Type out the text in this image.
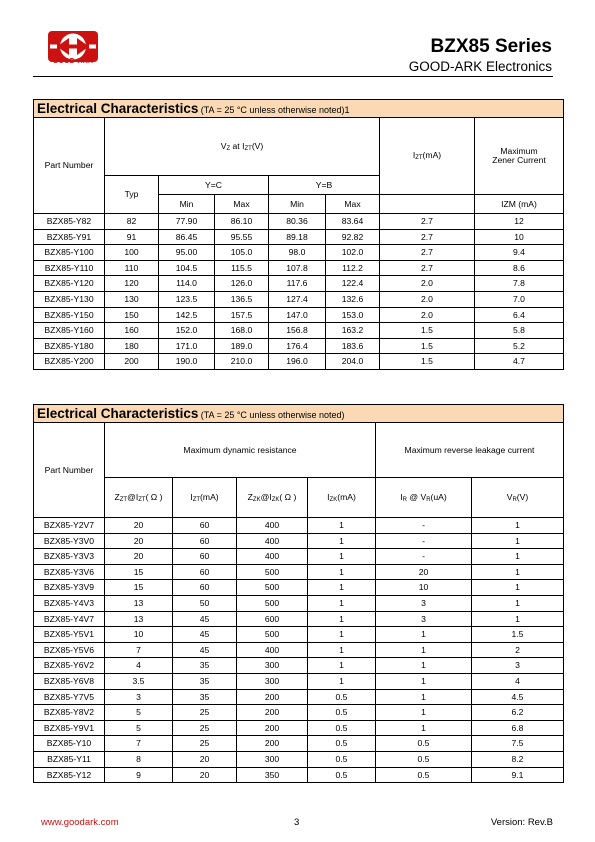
GOOD-ARK
BZX85 Series
GOOD-ARK Electronics
Electrical Characteristics (TA = 25 °C unless otherwise noted)1							
Part Number	VZ at IZT(V)					IZT(mA)	Maximum Zener Current
	Typ	Y=C		Y=B			
		Min	Max	Min	Max		IZM (mA)
BZX85-Y82	82	77.90	86.10	80.36	83.64	2.7	12
BZX85-Y91	91	86.45	95.55	89.18	92.82	2.7	10
BZX85-Y100	100	95.00	105.0	98.0	102.0	2.7	9.4
BZX85-Y110	110	104.5	115.5	107.8	112.2	2.7	8.6
BZX85-Y120	120	114.0	126.0	117.6	122.4	2.0	7.8
BZX85-Y130	130	123.5	136.5	127.4	132.6	2.0	7.0
BZX85-Y150	150	142.5	157.5	147.0	153.0	2.0	6.4
BZX85-Y160	160	152.0	168.0	156.8	163.2	1.5	5.8
BZX85-Y180	180	171.0	189.0	176.4	183.6	1.5	5.2
BZX85-Y200	200	190.0	210.0	196.0	204.0	1.5	4.7
Electrical Characteristics (TA = 25 °C unless otherwise noted)						
Part Number	Maximum dynamic resistance				Maximum reverse leakage current	
	ZZT@IZT( Ω )	IZT(mA)	ZZK@IZK( Ω )	IZK(mA)	IR @ VR(uA)	VR(V)
BZX85-Y2V7	20	60	400	1	-	1
BZX85-Y3V0	20	60	400	1	-	1
BZX85-Y3V3	20	60	400	1	-	1
BZX85-Y3V6	15	60	500	1	20	1
BZX85-Y3V9	15	60	500	1	10	1
BZX85-Y4V3	13	50	500	1	3	1
BZX85-Y4V7	13	45	600	1	3	1
BZX85-Y5V1	10	45	500	1	1	1.5
BZX85-Y5V6	7	45	400	1	1	2
BZX85-Y6V2	4	35	300	1	1	3
BZX85-Y6V8	3.5	35	300	1	1	4
BZX85-Y7V5	3	35	200	0.5	1	4.5
BZX85-Y8V2	5	25	200	0.5	1	6.2
BZX85-Y9V1	5	25	200	0.5	1	6.8
BZX85-Y10	7	25	200	0.5	0.5	7.5
BZX85-Y11	8	20	300	0.5	0.5	8.2
BZX85-Y12	9	20	350	0.5	0.5	9.1
www.goodark.com	3	Version: Rev.B
